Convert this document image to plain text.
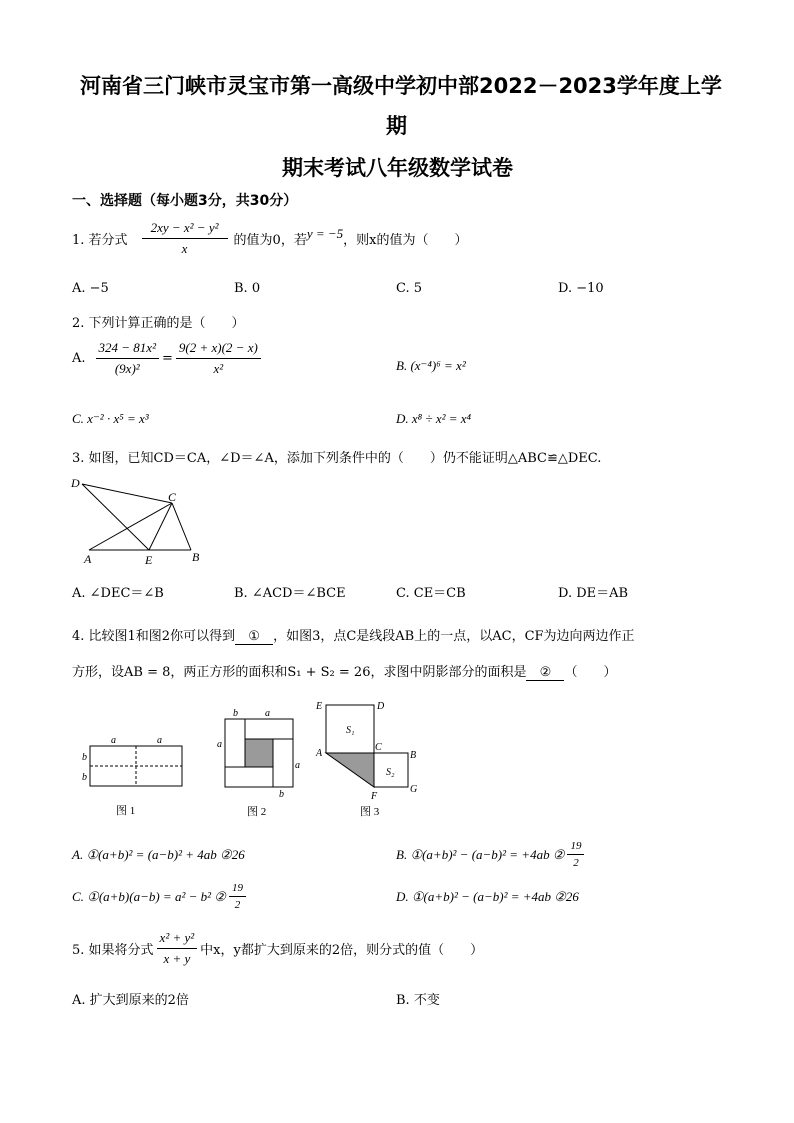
河南省三门峡市灵宝市第一高级中学初中部2022－2023学年度上学
期
期末考试八年级数学试卷
一、选择题（每小题3分，共30分）
1. 若分式 $\frac{\text{2xy − x² − y²}}{x}$ 的值为0，若 y = −5 ，则x的值为（　　）
A. −5	B. 0	C. 5	D. −10
2. 下列计算正确的是（　　）
A. $\frac{\text{324 − 81x²}}{\text{(9x)²}} = \frac{9(2 + x)(2 - x)}{\text{x²}}$	B. (x⁻⁴)⁶ = x²
C. x⁻² · x⁵ = x³	D. x⁸ ÷ x² = x⁴
3. 如图，已知CD＝CA，∠D＝∠A，添加下列条件中的（　　）仍不能证明△ABC≌△DEC.
D
C
A	E	B
A. ∠DEC＝∠B	B. ∠ACD＝∠BCE	C. CE＝CB	D. DE＝AB
4. 比较图1和图2你可以得到 ① ，如图3，点C是线段AB上的一点，以AC，CF为边向两边作正
方形，设AB = 8，两正方形的面积和S₁ + S₂ = 26，求图中阴影部分的面积是 ② （　　）
a	a
b
b
图 1
b	a
a
a
b
图 2
E	D
S₁
A
C
B
S₂
F
G
图 3
A. ①(a+b)² = (a−b)² + 4ab ②26	B. ①(a+b)² − (a−b)² = +4ab ② $\frac{19}{2}$
C. ①(a+b)(a−b) = a² − b² ② $\frac{19}{2}$	D. ①(a+b)² − (a−b)² = +4ab ②26
5. 如果将分式 $\frac{\text{x² + y²}}{x + y}$ 中x，y都扩大到原来的2倍，则分式的值（　　）
A. 扩大到原来的2倍	B. 不变
